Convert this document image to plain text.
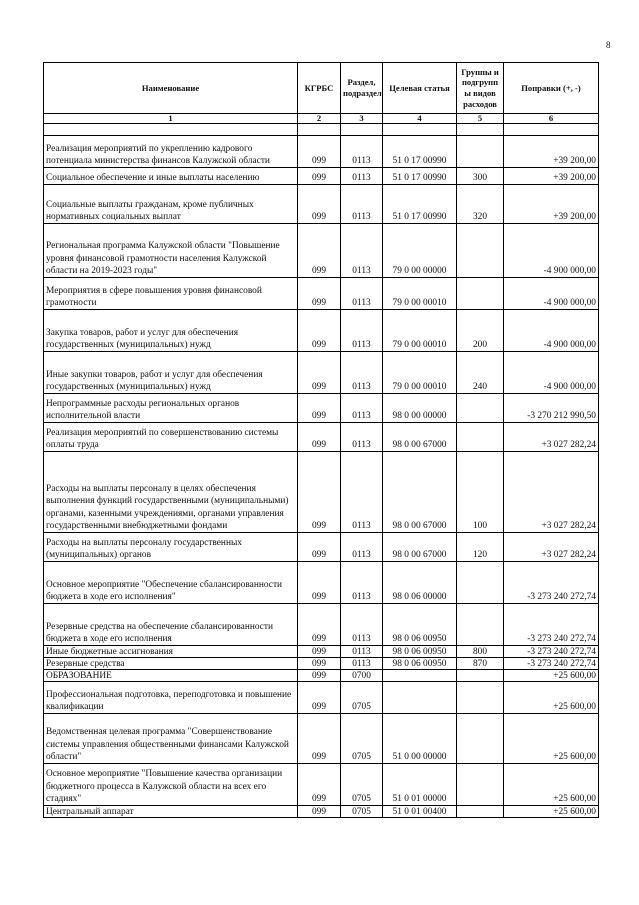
8
Наименование	КГРБС	Раздел, подраздел	Целевая статья	Группы и подгрупп ы видов расходов	Поправки (+, -)
1	2	3	4	5	6

Реализация мероприятий по укреплению кадрового потенциала министерства финансов Калужской области	099	0113	51 0 17 00990		+39 200,00
Социальное обеспечение и иные выплаты населению	099	0113	51 0 17 00990	300	+39 200,00
Социальные выплаты гражданам, кроме публичных нормативных социальных выплат	099	0113	51 0 17 00990	320	+39 200,00
Региональная программа Калужской области "Повышение уровня финансовой грамотности населения Калужской области на 2019-2023 годы"	099	0113	79 0 00 00000		-4 900 000,00
Мероприятия в сфере повышения уровня финансовой грамотности	099	0113	79 0 00 00010		-4 900 000,00
Закупка товаров, работ и услуг для обеспечения государственных (муниципальных) нужд	099	0113	79 0 00 00010	200	-4 900 000,00
Иные закупки товаров, работ и услуг для обеспечения государственных (муниципальных) нужд	099	0113	79 0 00 00010	240	-4 900 000,00
Непрограммные расходы региональных органов исполнительной власти	099	0113	98 0 00 00000		-3 270 212 990,50
Реализация мероприятий по совершенствованию системы оплаты труда	099	0113	98 0 00 67000		+3 027 282,24
Расходы на выплаты персоналу в целях обеспечения выполнения функций государственными (муниципальными) органами, казенными учреждениями, органами управления государственными внебюджетными фондами	099	0113	98 0 00 67000	100	+3 027 282,24
Расходы на выплаты персоналу государственных (муниципальных) органов	099	0113	98 0 00 67000	120	+3 027 282,24
Основное мероприятие "Обеспечение сбалансированности бюджета в ходе его исполнения"	099	0113	98 0 06 00000		-3 273 240 272,74
Резервные средства на обеспечение сбалансированности бюджета в ходе его исполнения	099	0113	98 0 06 00950		-3 273 240 272,74
Иные бюджетные ассигнования	099	0113	98 0 06 00950	800	-3 273 240 272,74
Резервные средства	099	0113	98 0 06 00950	870	-3 273 240 272,74
ОБРАЗОВАНИЕ	099	0700			+25 600,00
Профессиональная подготовка, переподготовка и повышение квалификации	099	0705			+25 600,00
Ведомственная целевая программа "Совершенствование системы управления общественными финансами Калужской области"	099	0705	51 0 00 00000		+25 600,00
Основное мероприятие "Повышение качества организации бюджетного процесса в Калужской области на всех его стадиях"	099	0705	51 0 01 00000		+25 600,00
Центральный аппарат	099	0705	51 0 01 00400		+25 600,00
